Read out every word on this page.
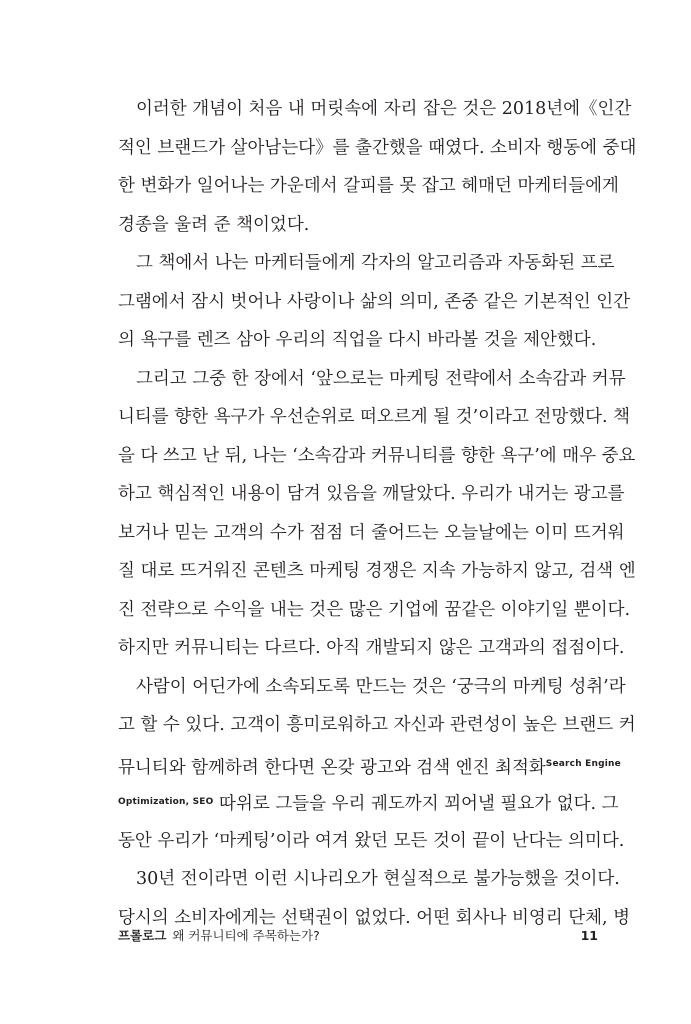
이러한 개념이 처음 내 머릿속에 자리 잡은 것은 2018년에《인간
적인 브랜드가 살아남는다》를 출간했을 때였다. 소비자 행동에 중대
한 변화가 일어나는 가운데서 갈피를 못 잡고 헤매던 마케터들에게
경종을 울려 준 책이었다.

그 책에서 나는 마케터들에게 각자의 알고리즘과 자동화된 프로
그램에서 잠시 벗어나 사랑이나 삶의 의미, 존중 같은 기본적인 인간
의 욕구를 렌즈 삼아 우리의 직업을 다시 바라볼 것을 제안했다.

그리고 그중 한 장에서 ‘앞으로는 마케팅 전략에서 소속감과 커뮤
니티를 향한 욕구가 우선순위로 떠오르게 될 것’이라고 전망했다. 책
을 다 쓰고 난 뒤, 나는 ‘소속감과 커뮤니티를 향한 욕구’에 매우 중요
하고 핵심적인 내용이 담겨 있음을 깨달았다. 우리가 내거는 광고를
보거나 믿는 고객의 수가 점점 더 줄어드는 오늘날에는 이미 뜨거워
질 대로 뜨거워진 콘텐츠 마케팅 경쟁은 지속 가능하지 않고, 검색 엔
진 전략으로 수익을 내는 것은 많은 기업에 꿈같은 이야기일 뿐이다.
하지만 커뮤니티는 다르다. 아직 개발되지 않은 고객과의 접점이다.

사람이 어딘가에 소속되도록 만드는 것은 ‘궁극의 마케팅 성취’라
고 할 수 있다. 고객이 흥미로워하고 자신과 관련성이 높은 브랜드 커
뮤니티와 함께하려 한다면 온갖 광고와 검색 엔진 최적화$^{Search Engine}$
$^{Optimization, SEO}$ 따위로 그들을 우리 궤도까지 꾀어낼 필요가 없다. 그
동안 우리가 ‘마케팅’이라 여겨 왔던 모든 것이 끝이 난다는 의미다.

30년 전이라면 이런 시나리오가 현실적으로 불가능했을 것이다.
당시의 소비자에게는 선택권이 없었다. 어떤 회사나 비영리 단체, 병

프롤로그 왜 커뮤니티에 주목하는가?	11
